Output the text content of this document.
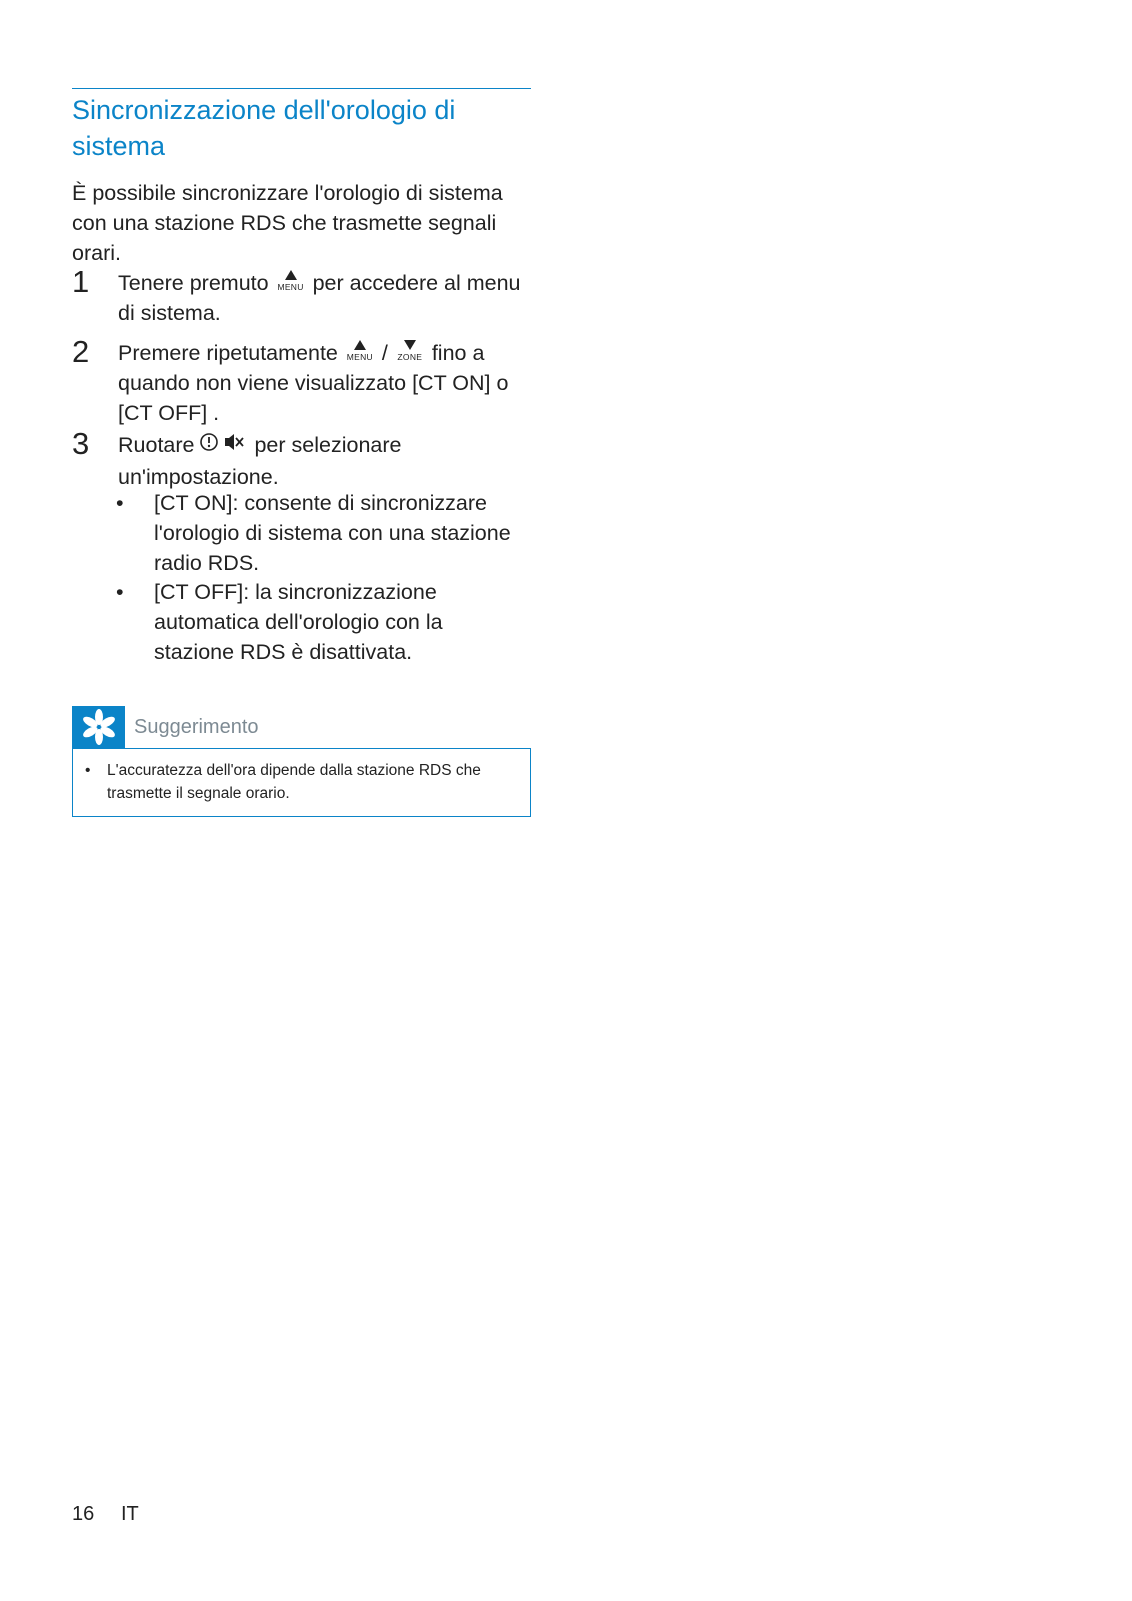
Sincronizzazione dell'orologio di sistema

È possibile sincronizzare l'orologio di sistema con una stazione RDS che trasmette segnali orari.

1 Tenere premuto	MENU per accedere al menu di sistema.
2 Premere ripetutamente	MENU /	ZONE fino a quando non viene visualizzato [CT ON] o [CT OFF] .
3 Ruotare	per selezionare un'impostazione.
• [CT ON]: consente di sincronizzare l'orologio di sistema con una stazione radio RDS.
• [CT OFF]: la sincronizzazione automatica dell'orologio con la stazione RDS è disattivata.
Suggerimento
• L'accuratezza dell'ora dipende dalla stazione RDS che trasmette il segnale orario.
16 IT
